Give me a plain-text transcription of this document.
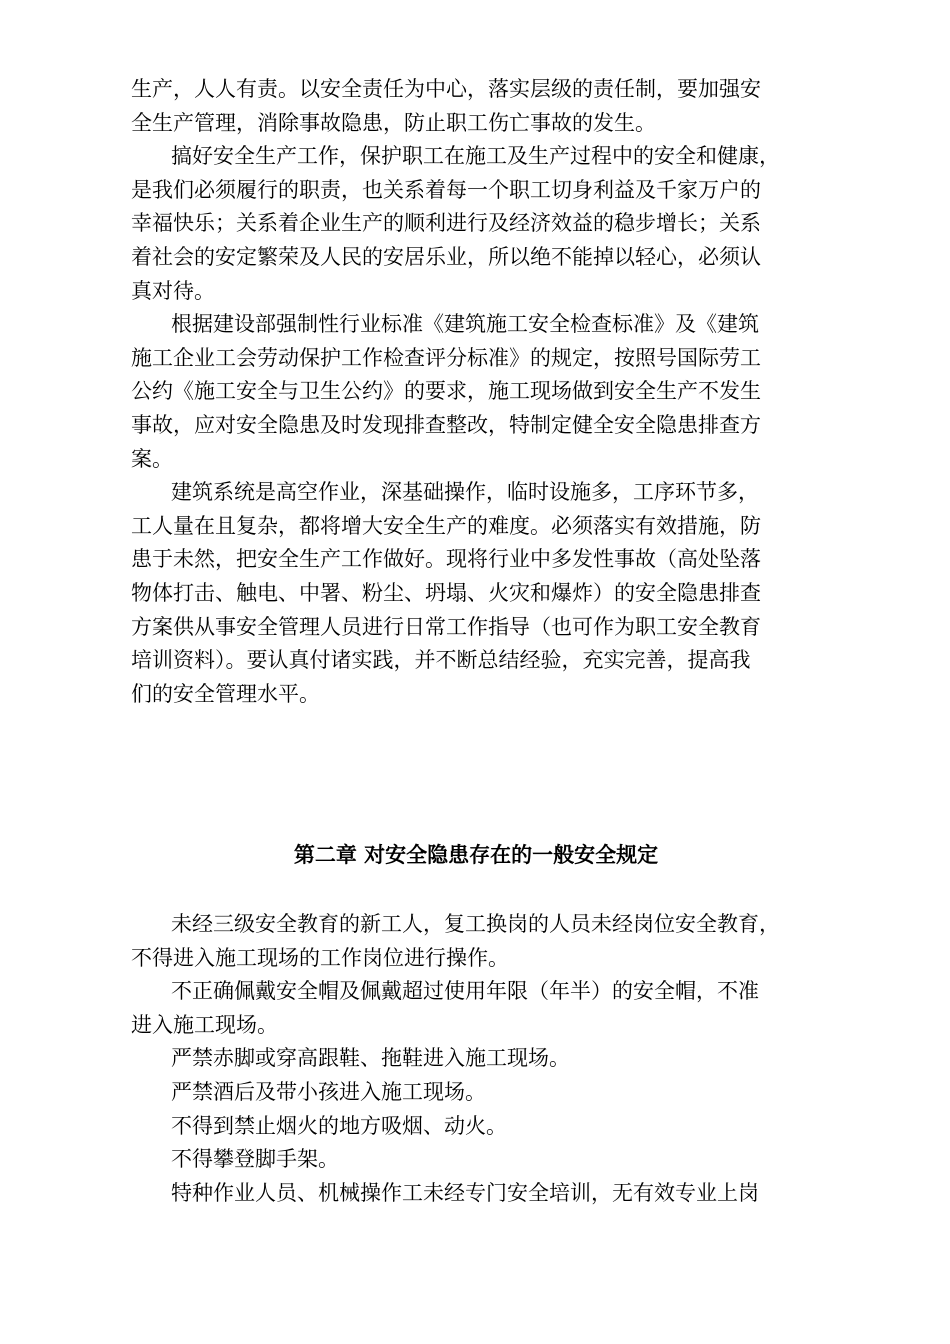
生产，人人有责。以安全责任为中心，落实层级的责任制，要加强安
全生产管理，消除事故隐患，防止职工伤亡事故的发生。
搞好安全生产工作，保护职工在施工及生产过程中的安全和健康，
是我们必须履行的职责，也关系着每一个职工切身利益及千家万户的
幸福快乐；关系着企业生产的顺利进行及经济效益的稳步增长；关系
着社会的安定繁荣及人民的安居乐业，所以绝不能掉以轻心，必须认
真对待。
根据建设部强制性行业标准《建筑施工安全检查标准》及《建筑
施工企业工会劳动保护工作检查评分标准》的规定，按照号国际劳工
公约《施工安全与卫生公约》的要求，施工现场做到安全生产不发生
事故，应对安全隐患及时发现排查整改，特制定健全安全隐患排查方
案。
建筑系统是高空作业，深基础操作，临时设施多，工序环节多，
工人量在且复杂，都将增大安全生产的难度。必须落实有效措施，防
患于未然，把安全生产工作做好。现将行业中多发性事故（高处坠落
物体打击、触电、中署、粉尘、坍塌、火灾和爆炸）的安全隐患排查
方案供从事安全管理人员进行日常工作指导（也可作为职工安全教育
培训资料）。要认真付诸实践，并不断总结经验，充实完善，提高我
们的安全管理水平。
第二章 对安全隐患存在的一般安全规定
未经三级安全教育的新工人，复工换岗的人员未经岗位安全教育，
不得进入施工现场的工作岗位进行操作。
不正确佩戴安全帽及佩戴超过使用年限（年半）的安全帽，不准
进入施工现场。
严禁赤脚或穿高跟鞋、拖鞋进入施工现场。
严禁酒后及带小孩进入施工现场。
不得到禁止烟火的地方吸烟、动火。
不得攀登脚手架。
特种作业人员、机械操作工未经专门安全培训，无有效专业上岗
